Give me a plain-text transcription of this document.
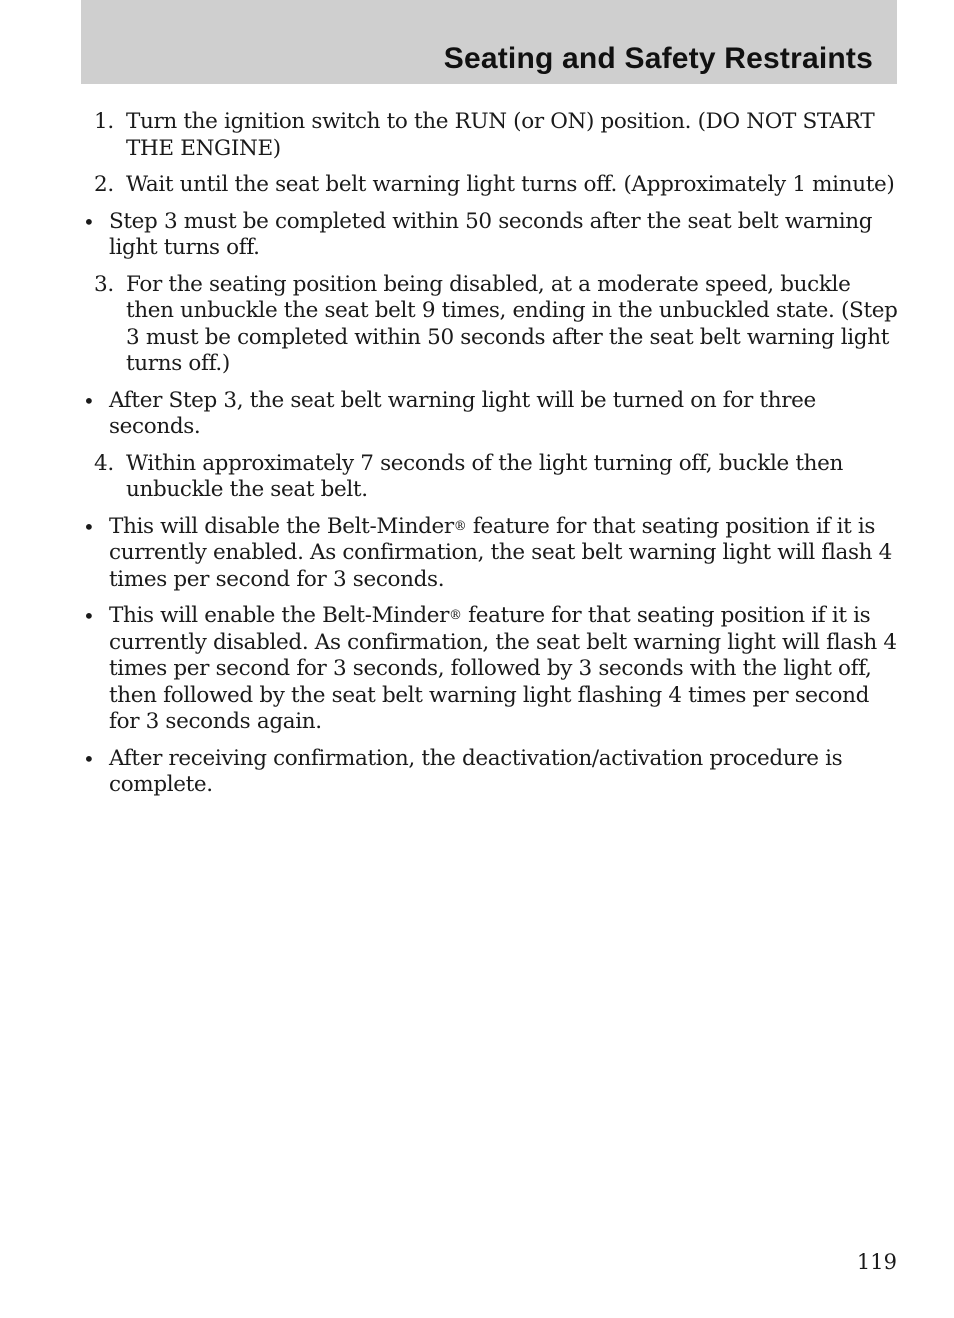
Seating and Safety Restraints
1. Turn the ignition switch to the RUN (or ON) position. (DO NOT START THE ENGINE)
2. Wait until the seat belt warning light turns off. (Approximately 1 minute)
• Step 3 must be completed within 50 seconds after the seat belt warning light turns off.
3. For the seating position being disabled, at a moderate speed, buckle then unbuckle the seat belt 9 times, ending in the unbuckled state. (Step 3 must be completed within 50 seconds after the seat belt warning light turns off.)
• After Step 3, the seat belt warning light will be turned on for three seconds.
4. Within approximately 7 seconds of the light turning off, buckle then unbuckle the seat belt.
• This will disable the Belt-Minder® feature for that seating position if it is currently enabled. As confirmation, the seat belt warning light will flash 4 times per second for 3 seconds.
• This will enable the Belt-Minder® feature for that seating position if it is currently disabled. As confirmation, the seat belt warning light will flash 4 times per second for 3 seconds, followed by 3 seconds with the light off, then followed by the seat belt warning light flashing 4 times per second for 3 seconds again.
• After receiving confirmation, the deactivation/activation procedure is complete.
119
